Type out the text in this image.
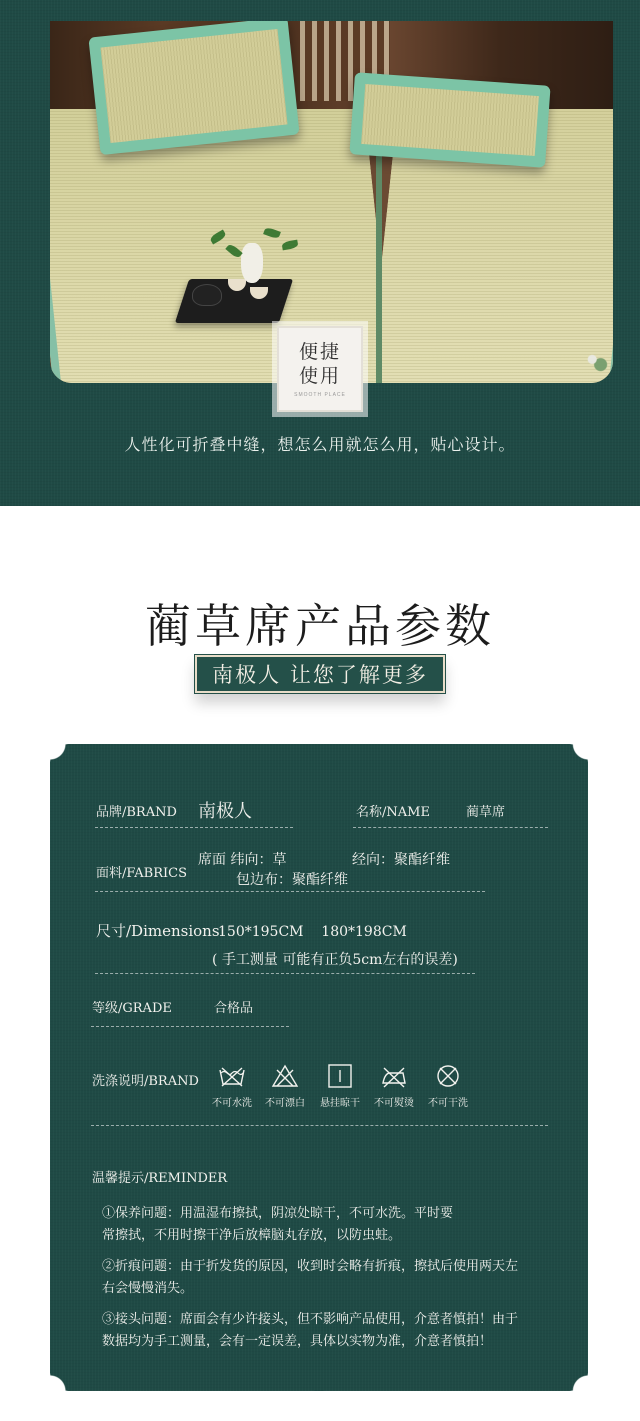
便捷
使用
SMOOTH PLACE
人性化可折叠中缝，想怎么用就怎么用，贴心设计。
蔺草席产品参数
南极人 让您了解更多
品牌/BRAND 南极人	名称/NAME	蔺草席
面料/FABRICS
席面 纬向：草	经向：聚酯纤维
包边布：聚酯纤维
尺寸/Dimensions
150*195CM    180*198CM
( 手工测量 可能有正负5cm左右的误差)
等级/GRADE	合格品
洗涤说明/BRAND
不可水洗 不可漂白 悬挂晾干 不可熨烫 不可干洗
温馨提示/REMINDER
①保养问题：用温湿布擦拭，阴凉处晾干，不可水洗。平时要
常擦拭，不用时擦干净后放樟脑丸存放，以防虫蛀。
②折痕问题：由于折发货的原因，收到时会略有折痕，擦拭后使用两天左
右会慢慢消失。
③接头问题：席面会有少许接头，但不影响产品使用，介意者慎拍！由于
数据均为手工测量，会有一定误差，具体以实物为准，介意者慎拍！
